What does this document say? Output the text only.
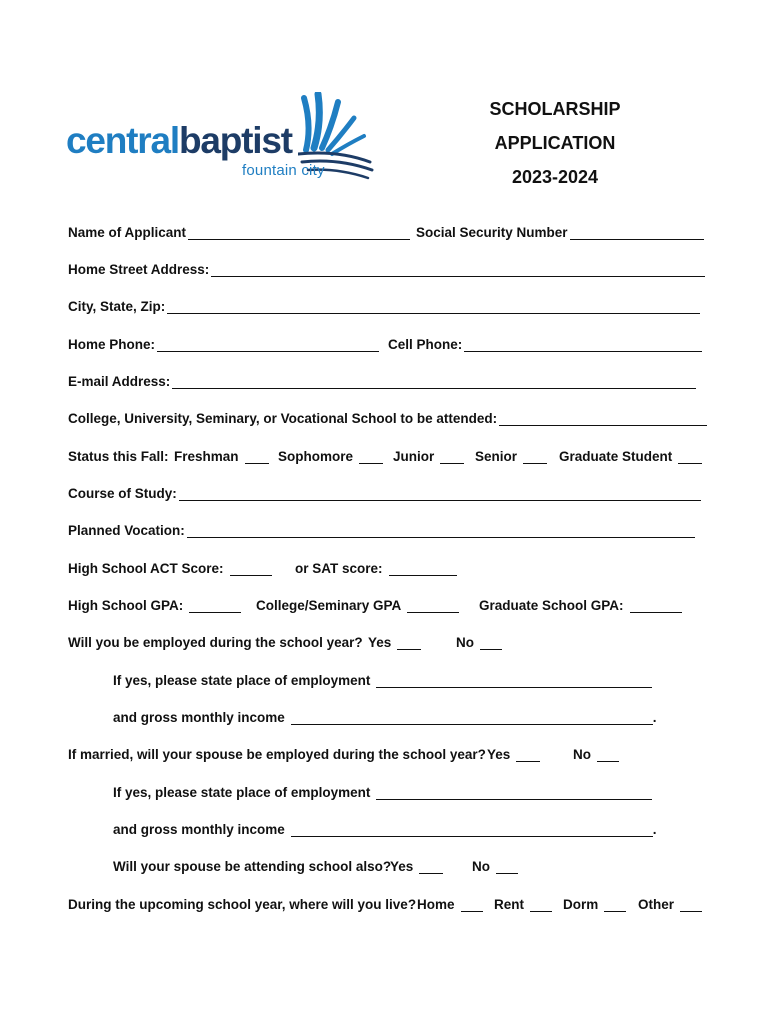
centralbaptist
fountain city
SCHOLARSHIP
APPLICATION
2023-2024
Name of Applicant	Social Security Number
Home Street Address:
City, State, Zip:
Home Phone:	Cell Phone:
E-mail Address:
College, University, Seminary, or Vocational School to be attended:
Status this Fall: Freshman	Sophomore	Junior	Senior	Graduate Student
Course of Study:
Planned Vocation:
High School ACT Score:	or SAT score:
High School GPA:	College/Seminary GPA	Graduate School GPA:
Will you be employed during the school year? Yes	No
If yes, please state place of employment
and gross monthly income	.
If married, will your spouse be employed during the school year? Yes	No
If yes, please state place of employment
and gross monthly income	.
Will your spouse be attending school also?
Yes	No
During the upcoming school year, where will you live? Home	Rent	Dorm	Other
